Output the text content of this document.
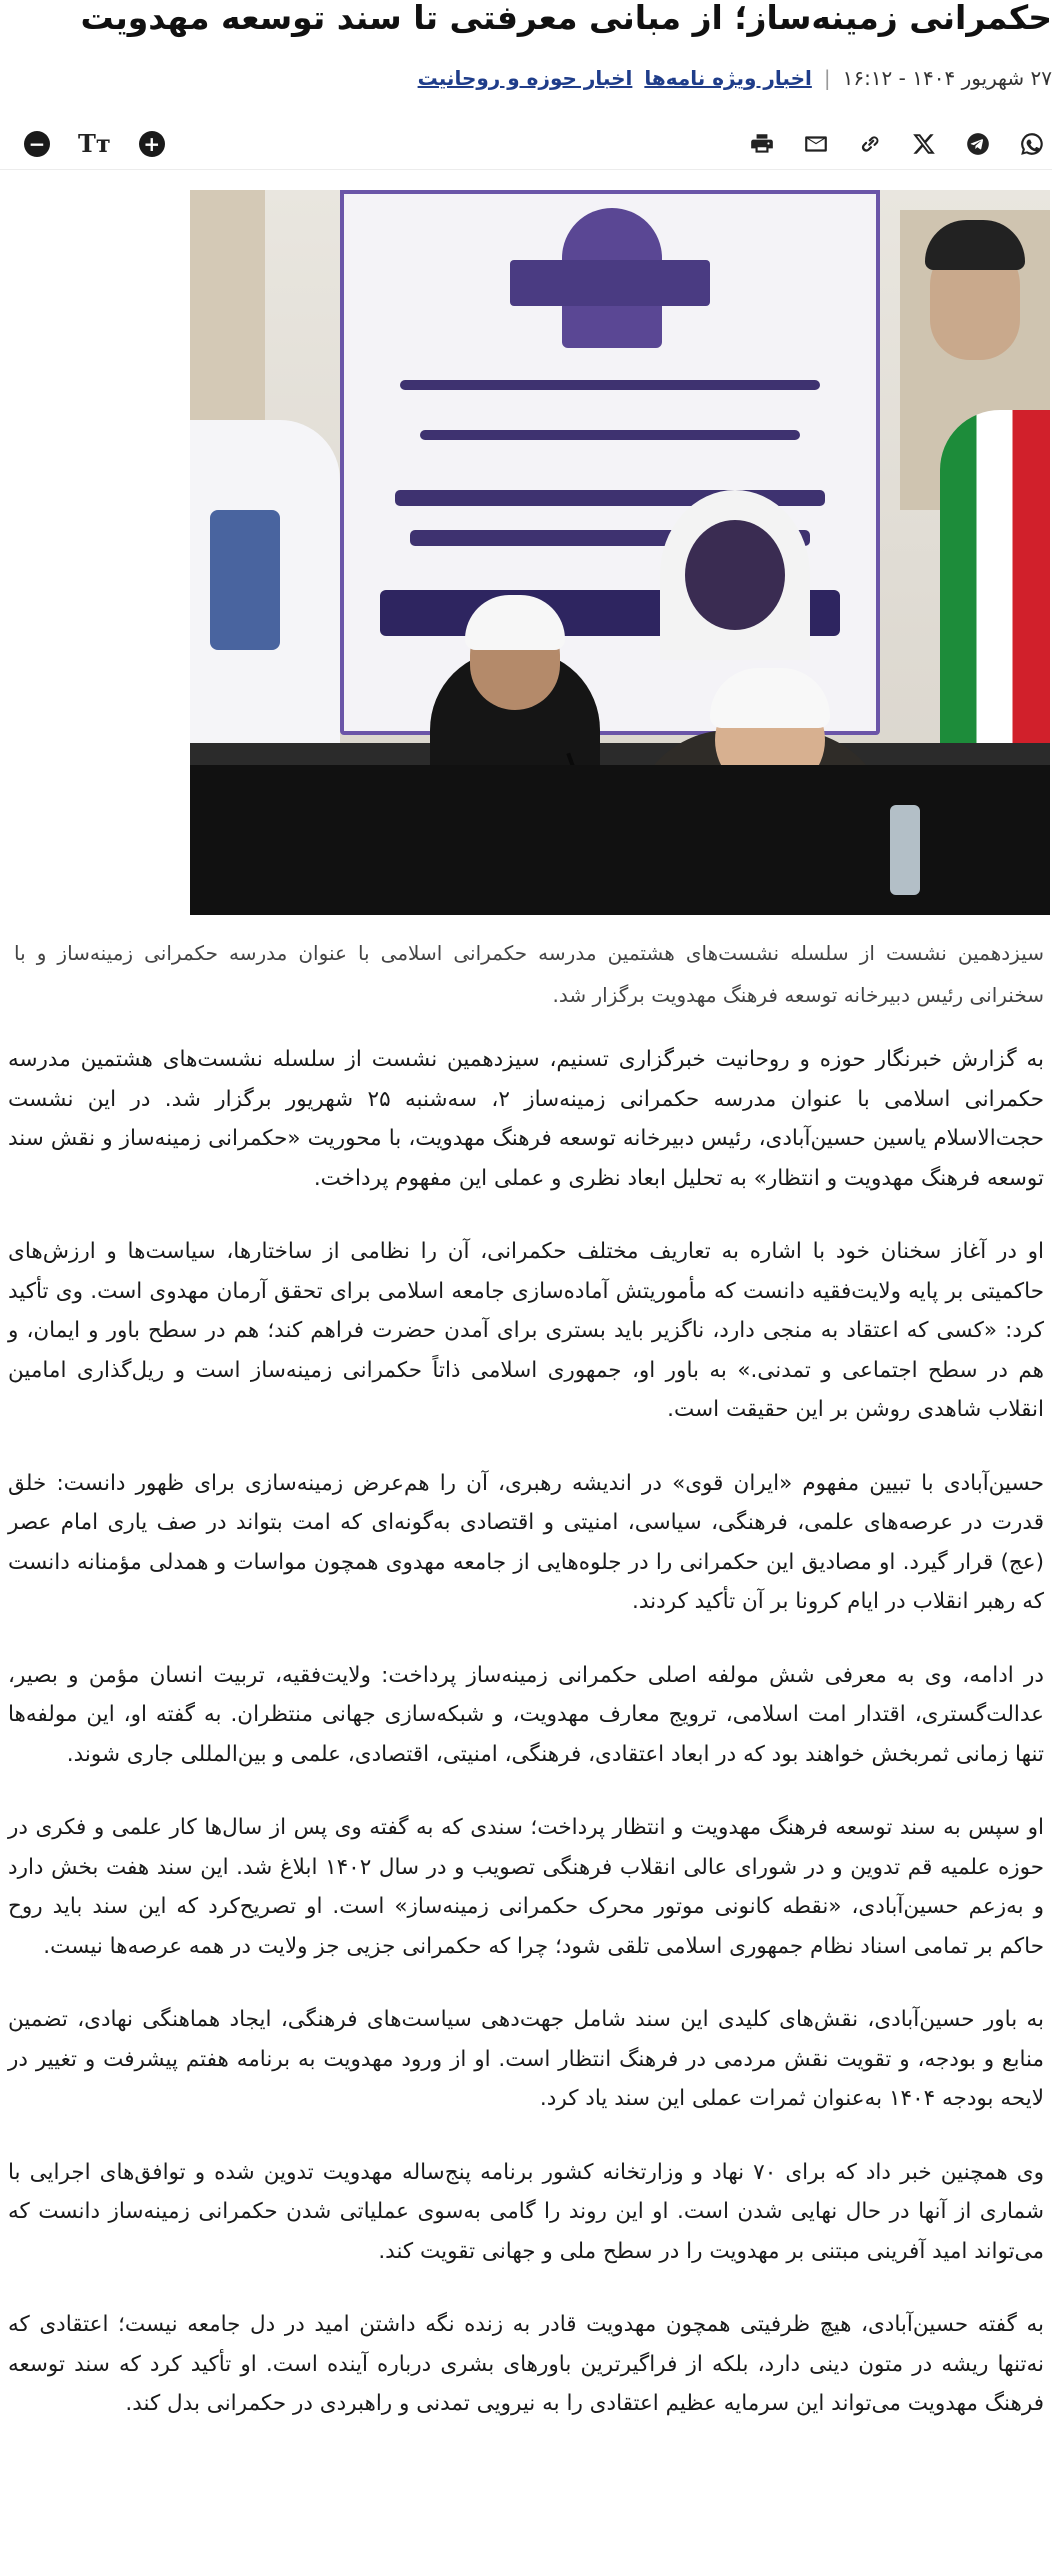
حکمرانی زمینه‌ساز؛ از مبانی معرفتی تا سند توسعه مهدویت
۲۷ شهریور ۱۴۰۴ - ۱۶:۱۲
|
اخبار ویژه نامه‌ها
اخبار حوزه و روحانیت
+
Tт
−

سیزدهمین نشست از سلسله نشست‌های هشتمین مدرسه حکمرانی اسلامی با عنوان مدرسه حکمرانی زمینه‌ساز و با سخنرانی رئیس دبیرخانه توسعه فرهنگ مهدویت برگزار شد.

به گزارش خبرنگار حوزه و روحانیت خبرگزاری تسنیم، سیزدهمین نشست از سلسله نشست‌های هشتمین مدرسه حکمرانی اسلامی با عنوان مدرسه حکمرانی زمینه‌ساز ۲، سه‌شنبه ۲۵ شهریور برگزار شد. در این نشست حجت‌الاسلام یاسین حسین‌آبادی، رئیس دبیرخانه توسعه فرهنگ مهدویت، با محوریت «حکمرانی زمینه‌ساز و نقش سند توسعه فرهنگ مهدویت و انتظار» به تحلیل ابعاد نظری و عملی این مفهوم پرداخت.

او در آغاز سخنان خود با اشاره به تعاریف مختلف حکمرانی، آن را نظامی از ساختارها، سیاست‌ها و ارزش‌های حاکمیتی بر پایه ولایت‌فقیه دانست که مأموریتش آماده‌سازی جامعه اسلامی برای تحقق آرمان مهدوی است. وی تأکید کرد: «کسی که اعتقاد به منجی دارد، ناگزیر باید بستری برای آمدن حضرت فراهم کند؛ هم در سطح باور و ایمان، و هم در سطح اجتماعی و تمدنی.» به باور او، جمهوری اسلامی ذاتاً حکمرانی زمینه‌ساز است و ریل‌گذاری امامین انقلاب شاهدی روشن بر این حقیقت است.

حسین‌آبادی با تبیین مفهوم «ایران قوی» در اندیشه رهبری، آن را هم‌عرض زمینه‌سازی برای ظهور دانست: خلق قدرت در عرصه‌های علمی، فرهنگی، سیاسی، امنیتی و اقتصادی به‌گونه‌ای که امت بتواند در صف یاری امام عصر (عج) قرار گیرد. او مصادیق این حکمرانی را در جلوه‌هایی از جامعه مهدوی همچون مواسات و همدلی مؤمنانه دانست که رهبر انقلاب در ایام کرونا بر آن تأکید کردند.

در ادامه، وی به معرفی شش مولفه اصلی حکمرانی زمینه‌ساز پرداخت: ولایت‌فقیه، تربیت انسان مؤمن و بصیر، عدالت‌گستری، اقتدار امت اسلامی، ترویج معارف مهدویت، و شبکه‌سازی جهانی منتظران. به گفته او، این مولفه‌ها تنها زمانی ثمربخش خواهند بود که در ابعاد اعتقادی، فرهنگی، امنیتی، اقتصادی، علمی و بین‌المللی جاری شوند.

او سپس به سند توسعه فرهنگ مهدویت و انتظار پرداخت؛ سندی که به گفته وی پس از سال‌ها کار علمی و فکری در حوزه علمیه قم تدوین و در شورای عالی انقلاب فرهنگی تصویب و در سال ۱۴۰۲ ابلاغ شد. این سند هفت بخش دارد و به‌زعم حسین‌آبادی، «نقطه کانونی موتور محرک حکمرانی زمینه‌ساز» است. او تصریح‌کرد که این سند باید روح حاکم بر تمامی اسناد نظام جمهوری اسلامی تلقی شود؛ چرا که حکمرانی جزیی جز ولایت در همه عرصه‌ها نیست.

به باور حسین‌آبادی، نقش‌های کلیدی این سند شامل جهت‌دهی سیاست‌های فرهنگی، ایجاد هماهنگی نهادی، تضمین منابع و بودجه، و تقویت نقش مردمی در فرهنگ انتظار است. او از ورود مهدویت به برنامه هفتم پیشرفت و تغییر در لایحه بودجه ۱۴۰۴ به‌عنوان ثمرات عملی این سند یاد کرد.

وی همچنین خبر داد که برای ۷۰ نهاد و وزارتخانه کشور برنامه پنج‌ساله مهدویت تدوین شده و توافق‌های اجرایی با شماری از آنها در حال نهایی شدن است. او این روند را گامی به‌سوی عملیاتی شدن حکمرانی زمینه‌ساز دانست که می‌تواند امید آفرینی مبتنی بر مهدویت را در سطح ملی و جهانی تقویت کند.

به گفته حسین‌آبادی، هیچ ظرفیتی همچون مهدویت قادر به زنده نگه داشتن امید در دل جامعه نیست؛ اعتقادی که نه‌تنها ریشه در متون دینی دارد، بلکه از فراگیرترین باورهای بشری درباره آینده است. او تأکید کرد که سند توسعه فرهنگ مهدویت می‌تواند این سرمایه عظیم اعتقادی را به نیرویی تمدنی و راهبردی در حکمرانی بدل کند.
